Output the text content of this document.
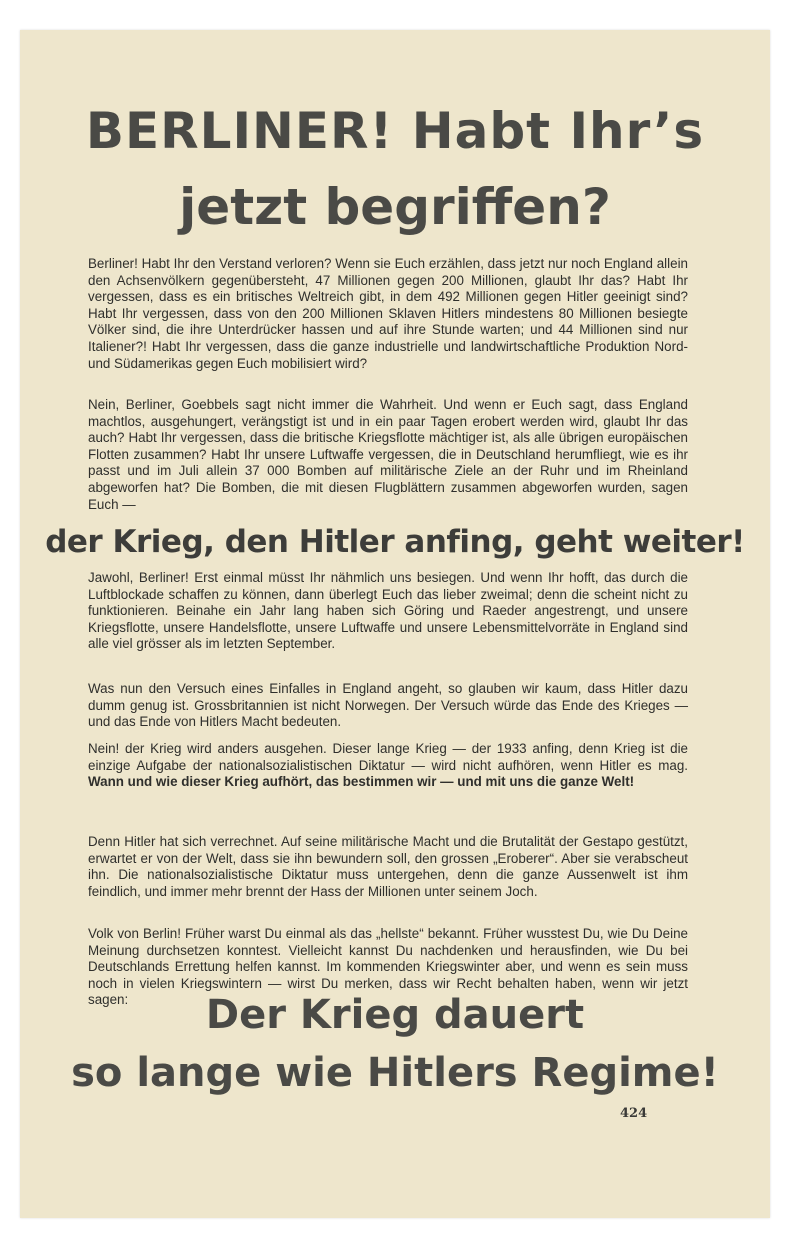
BERLINER! Habt Ihr’s
jetzt begriffen?

Berliner! Habt Ihr den Verstand verloren? Wenn sie Euch erzählen, dass jetzt nur noch England allein den Achsenvölkern gegenübersteht, 47 Millionen gegen 200 Millionen, glaubt Ihr das? Habt Ihr vergessen, dass es ein britisches Weltreich gibt, in dem 492 Millionen gegen Hitler geeinigt sind? Habt Ihr vergessen, dass von den 200 Millionen Sklaven Hitlers mindestens 80 Millionen besiegte Völker sind, die ihre Unterdrücker hassen und auf ihre Stunde warten; und 44 Millionen sind nur Italiener?! Habt Ihr vergessen, dass die ganze industrielle und landwirtschaftliche Produktion Nord- und Südamerikas gegen Euch mobilisiert wird?

Nein, Berliner, Goebbels sagt nicht immer die Wahrheit. Und wenn er Euch sagt, dass England machtlos, ausgehungert, verängstigt ist und in ein paar Tagen erobert werden wird, glaubt Ihr das auch? Habt Ihr vergessen, dass die britische Kriegsflotte mächtiger ist, als alle übrigen europäischen Flotten zusammen? Habt Ihr unsere Luftwaffe vergessen, die in Deutschland herumfliegt, wie es ihr passt und im Juli allein 37 000 Bomben auf militärische Ziele an der Ruhr und im Rheinland abgeworfen hat? Die Bomben, die mit diesen Flugblättern zusammen abgeworfen wurden, sagen Euch —

der Krieg, den Hitler anfing, geht weiter!

Jawohl, Berliner! Erst einmal müsst Ihr nähmlich uns besiegen. Und wenn Ihr hofft, das durch die Luftblockade schaffen zu können, dann überlegt Euch das lieber zweimal; denn die scheint nicht zu funktionieren. Beinahe ein Jahr lang haben sich Göring und Raeder angestrengt, und unsere Kriegsflotte, unsere Handelsflotte, unsere Luftwaffe und unsere Lebensmittelvorräte in England sind alle viel grösser als im letzten September.

Was nun den Versuch eines Einfalles in England angeht, so glauben wir kaum, dass Hitler dazu dumm genug ist. Grossbritannien ist nicht Norwegen. Der Versuch würde das Ende des Krieges — und das Ende von Hitlers Macht bedeuten.

Nein! der Krieg wird anders ausgehen. Dieser lange Krieg — der 1933 anfing, denn Krieg ist die einzige Aufgabe der nationalsozialistischen Diktatur — wird nicht aufhören, wenn Hitler es mag. Wann und wie dieser Krieg aufhört, das bestimmen wir — und mit uns die ganze Welt!

Denn Hitler hat sich verrechnet. Auf seine militärische Macht und die Brutalität der Gestapo gestützt, erwartet er von der Welt, dass sie ihn bewundern soll, den grossen „Eroberer“. Aber sie verabscheut ihn. Die nationalsozialistische Diktatur muss untergehen, denn die ganze Aussenwelt ist ihm feindlich, und immer mehr brennt der Hass der Millionen unter seinem Joch.

Volk von Berlin! Früher warst Du einmal als das „hellste“ bekannt. Früher wusstest Du, wie Du Deine Meinung durchsetzen konntest. Vielleicht kannst Du nachdenken und herausfinden, wie Du bei Deutschlands Errettung helfen kannst. Im kommenden Kriegswinter aber, und wenn es sein muss noch in vielen Kriegswintern — wirst Du merken, dass wir Recht behalten haben, wenn wir jetzt sagen:	Der Krieg dauert
so lange wie Hitlers Regime!

424
